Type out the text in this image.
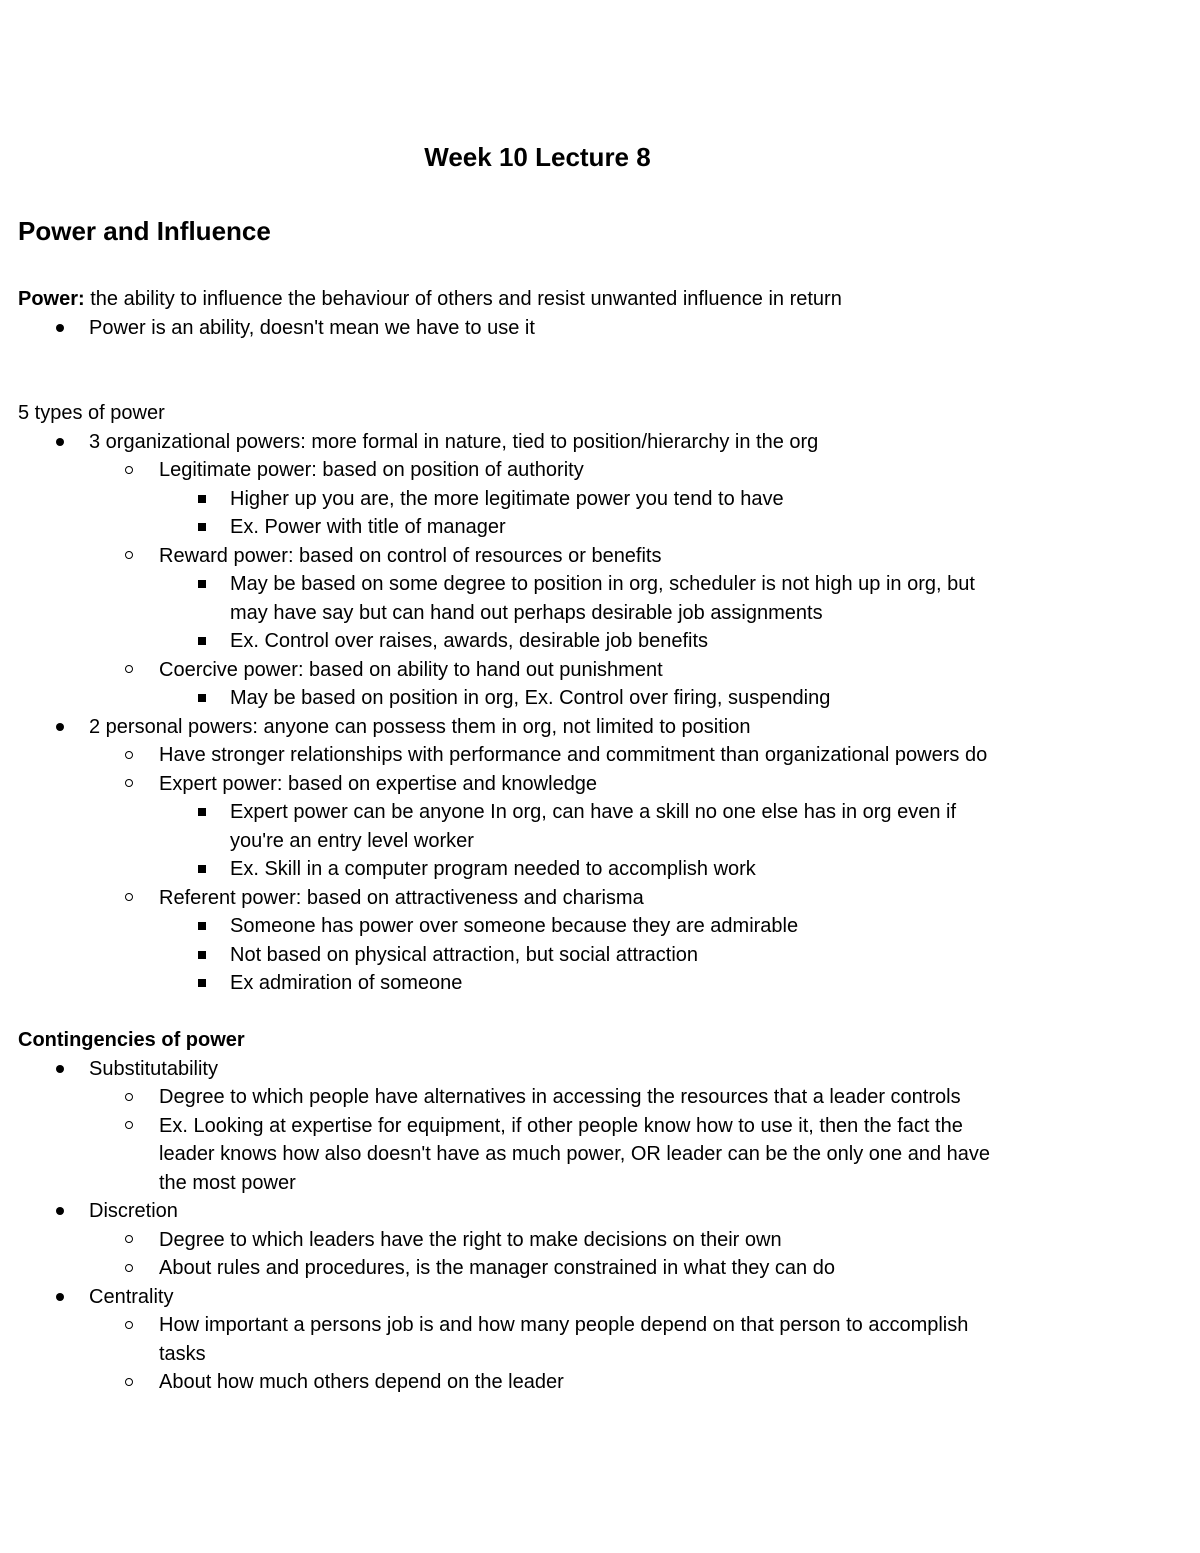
Week 10 Lecture 8
Power and Influence
Power: the ability to influence the behaviour of others and resist unwanted influence in return
Power is an ability, doesn't mean we have to use it
5 types of power
3 organizational powers: more formal in nature, tied to position/hierarchy in the org
Legitimate power: based on position of authority
Higher up you are, the more legitimate power you tend to have
Ex. Power with title of manager
Reward power: based on control of resources or benefits
May be based on some degree to position in org, scheduler is not high up in org, but
may have say but can hand out perhaps desirable job assignments
Ex. Control over raises, awards, desirable job benefits
Coercive power: based on ability to hand out punishment
May be based on position in org, Ex. Control over firing, suspending
2 personal powers: anyone can possess them in org, not limited to position
Have stronger relationships with performance and commitment than organizational powers do
Expert power: based on expertise and knowledge
Expert power can be anyone In org, can have a skill no one else has in org even if
you're an entry level worker
Ex. Skill in a computer program needed to accomplish work
Referent power: based on attractiveness and charisma
Someone has power over someone because they are admirable
Not based on physical attraction, but social attraction
Ex admiration of someone
Contingencies of power
Substitutability
Degree to which people have alternatives in accessing the resources that a leader controls
Ex. Looking at expertise for equipment, if other people know how to use it, then the fact the
leader knows how also doesn't have as much power, OR leader can be the only one and have
the most power
Discretion
Degree to which leaders have the right to make decisions on their own
About rules and procedures, is the manager constrained in what they can do
Centrality
How important a persons job is and how many people depend on that person to accomplish
tasks
About how much others depend on the leader
